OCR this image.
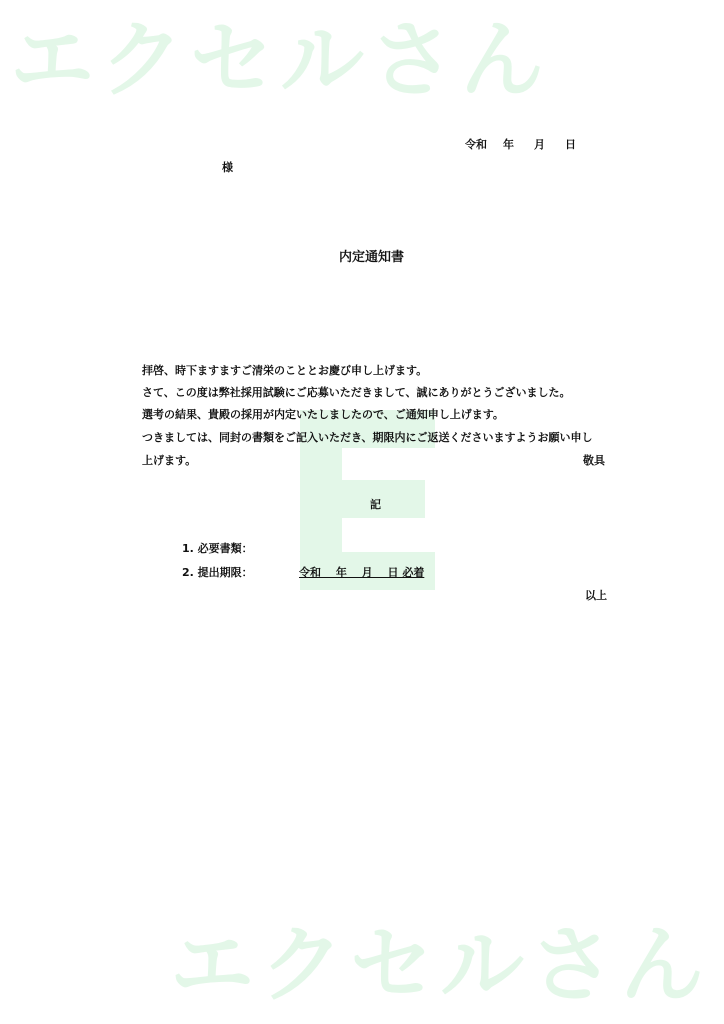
エクセルさん
エクセルさん
令和 年 月 日
様
内定通知書
拝啓、時下ますますご清栄のこととお慶び申し上げます。
さて、この度は弊社採用試験にご応募いただきまして、誠にありがとうございました。
選考の結果、貴殿の採用が内定いたしましたので、ご通知申し上げます。
つきましては、同封の書類をご記入いただき、期限内にご返送くださいますようお願い申し
上げます。	敬具
記
1. 必要書類：
2. 提出期限：	令和　 年　 月　 日 必着
以上
